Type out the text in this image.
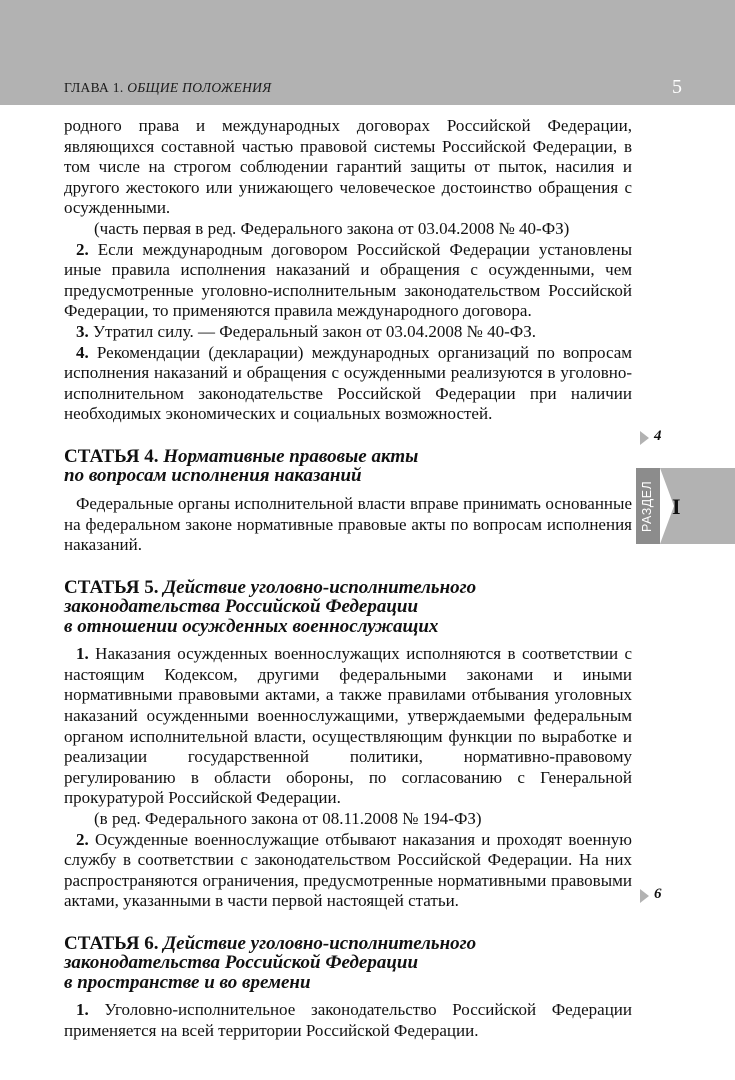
ГЛАВА 1. ОБЩИЕ ПОЛОЖЕНИЯ	5
4
РАЗДЕЛ I
6

родного права и международных договорах Российской Федерации, являющихся составной частью правовой системы Российской Федерации, в том числе на строгом соблюдении гарантий защиты от пыток, насилия и другого жестокого или унижающего человеческое достоинство обращения с осужденными.

(часть первая в ред. Федерального закона от 03.04.2008 № 40-ФЗ)

2. Если международным договором Российской Федерации установлены иные правила исполнения наказаний и обращения с осужденными, чем предусмотренные уголовно-исполнительным законодательством Российской Федерации, то применяются правила международного договора.

3. Утратил силу. — Федеральный закон от 03.04.2008 № 40-ФЗ.

4. Рекомендации (декларации) международных организаций по вопросам исполнения наказаний и обращения с осужденными реализуются в уголовно-исполнительном законодательстве Российской Федерации при наличии необходимых экономических и социальных возможностей.

СТАТЬЯ 4. Нормативные правовые акты
по вопросам исполнения наказаний

Федеральные органы исполнительной власти вправе принимать основанные на федеральном законе нормативные правовые акты по вопросам исполнения наказаний.

СТАТЬЯ 5. Действие уголовно-исполнительного
законодательства Российской Федерации
в отношении осужденных военнослужащих

1. Наказания осужденных военнослужащих исполняются в соответствии с настоящим Кодексом, другими федеральными законами и иными нормативными правовыми актами, а также правилами отбывания уголовных наказаний осужденными военнослужащими, утверждаемыми федеральным органом исполнительной власти, осуществляющим функции по выработке и реализации государственной политики, нормативно-правовому регулированию в области обороны, по согласованию с Генеральной прокуратурой Российской Федерации.

(в ред. Федерального закона от 08.11.2008 № 194-ФЗ)

2. Осужденные военнослужащие отбывают наказания и проходят военную службу в соответствии с законодательством Российской Федерации. На них распространяются ограничения, предусмотренные нормативными правовыми актами, указанными в части первой настоящей статьи.

СТАТЬЯ 6. Действие уголовно-исполнительного
законодательства Российской Федерации
в пространстве и во времени

1. Уголовно-исполнительное законодательство Российской Федерации применяется на всей территории Российской Федерации.
